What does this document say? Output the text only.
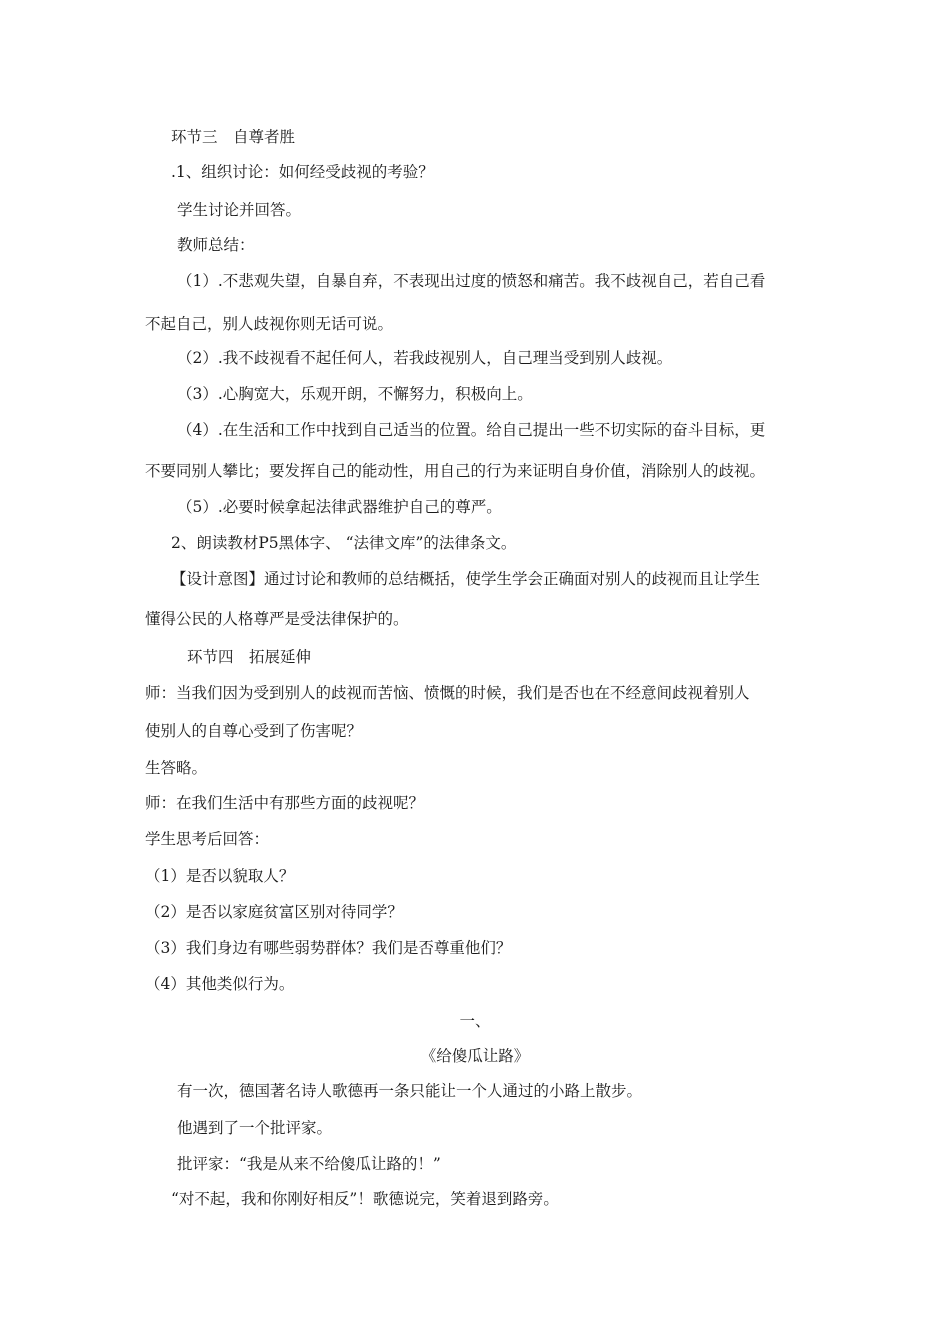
环节三　自尊者胜
.1、组织讨论：如何经受歧视的考验？
学生讨论并回答。
教师总结：
（1）.不悲观失望，自暴自弃，不表现出过度的愤怒和痛苦。我不歧视自己，若自己看
不起自己，别人歧视你则无话可说。
（2）.我不歧视看不起任何人，若我歧视别人，自己理当受到别人歧视。
（3）.心胸宽大，乐观开朗，不懈努力，积极向上。
（4）.在生活和工作中找到自己适当的位置。给自己提出一些不切实际的奋斗目标，更
不要同别人攀比；要发挥自己的能动性，用自己的行为来证明自身价值，消除别人的歧视。
（5）.必要时候拿起法律武器维护自己的尊严。
2、朗读教材P5黑体字、 “法律文库”的法律条文。
【设计意图】通过讨论和教师的总结概括，使学生学会正确面对别人的歧视而且让学生
懂得公民的人格尊严是受法律保护的。
环节四　拓展延伸
师：当我们因为受到别人的歧视而苦恼、愤慨的时候，我们是否也在不经意间歧视着别人
使别人的自尊心受到了伤害呢？
生答略。
师：在我们生活中有那些方面的歧视呢？
学生思考后回答：
（1）是否以貌取人？
（2）是否以家庭贫富区别对待同学？
（3）我们身边有哪些弱势群体？我们是否尊重他们？
（4）其他类似行为。
一、
《给傻瓜让路》
有一次，德国著名诗人歌德再一条只能让一个人通过的小路上散步。
他遇到了一个批评家。
批评家：“我是从来不给傻瓜让路的！”
“对不起，我和你刚好相反”！歌德说完，笑着退到路旁。
